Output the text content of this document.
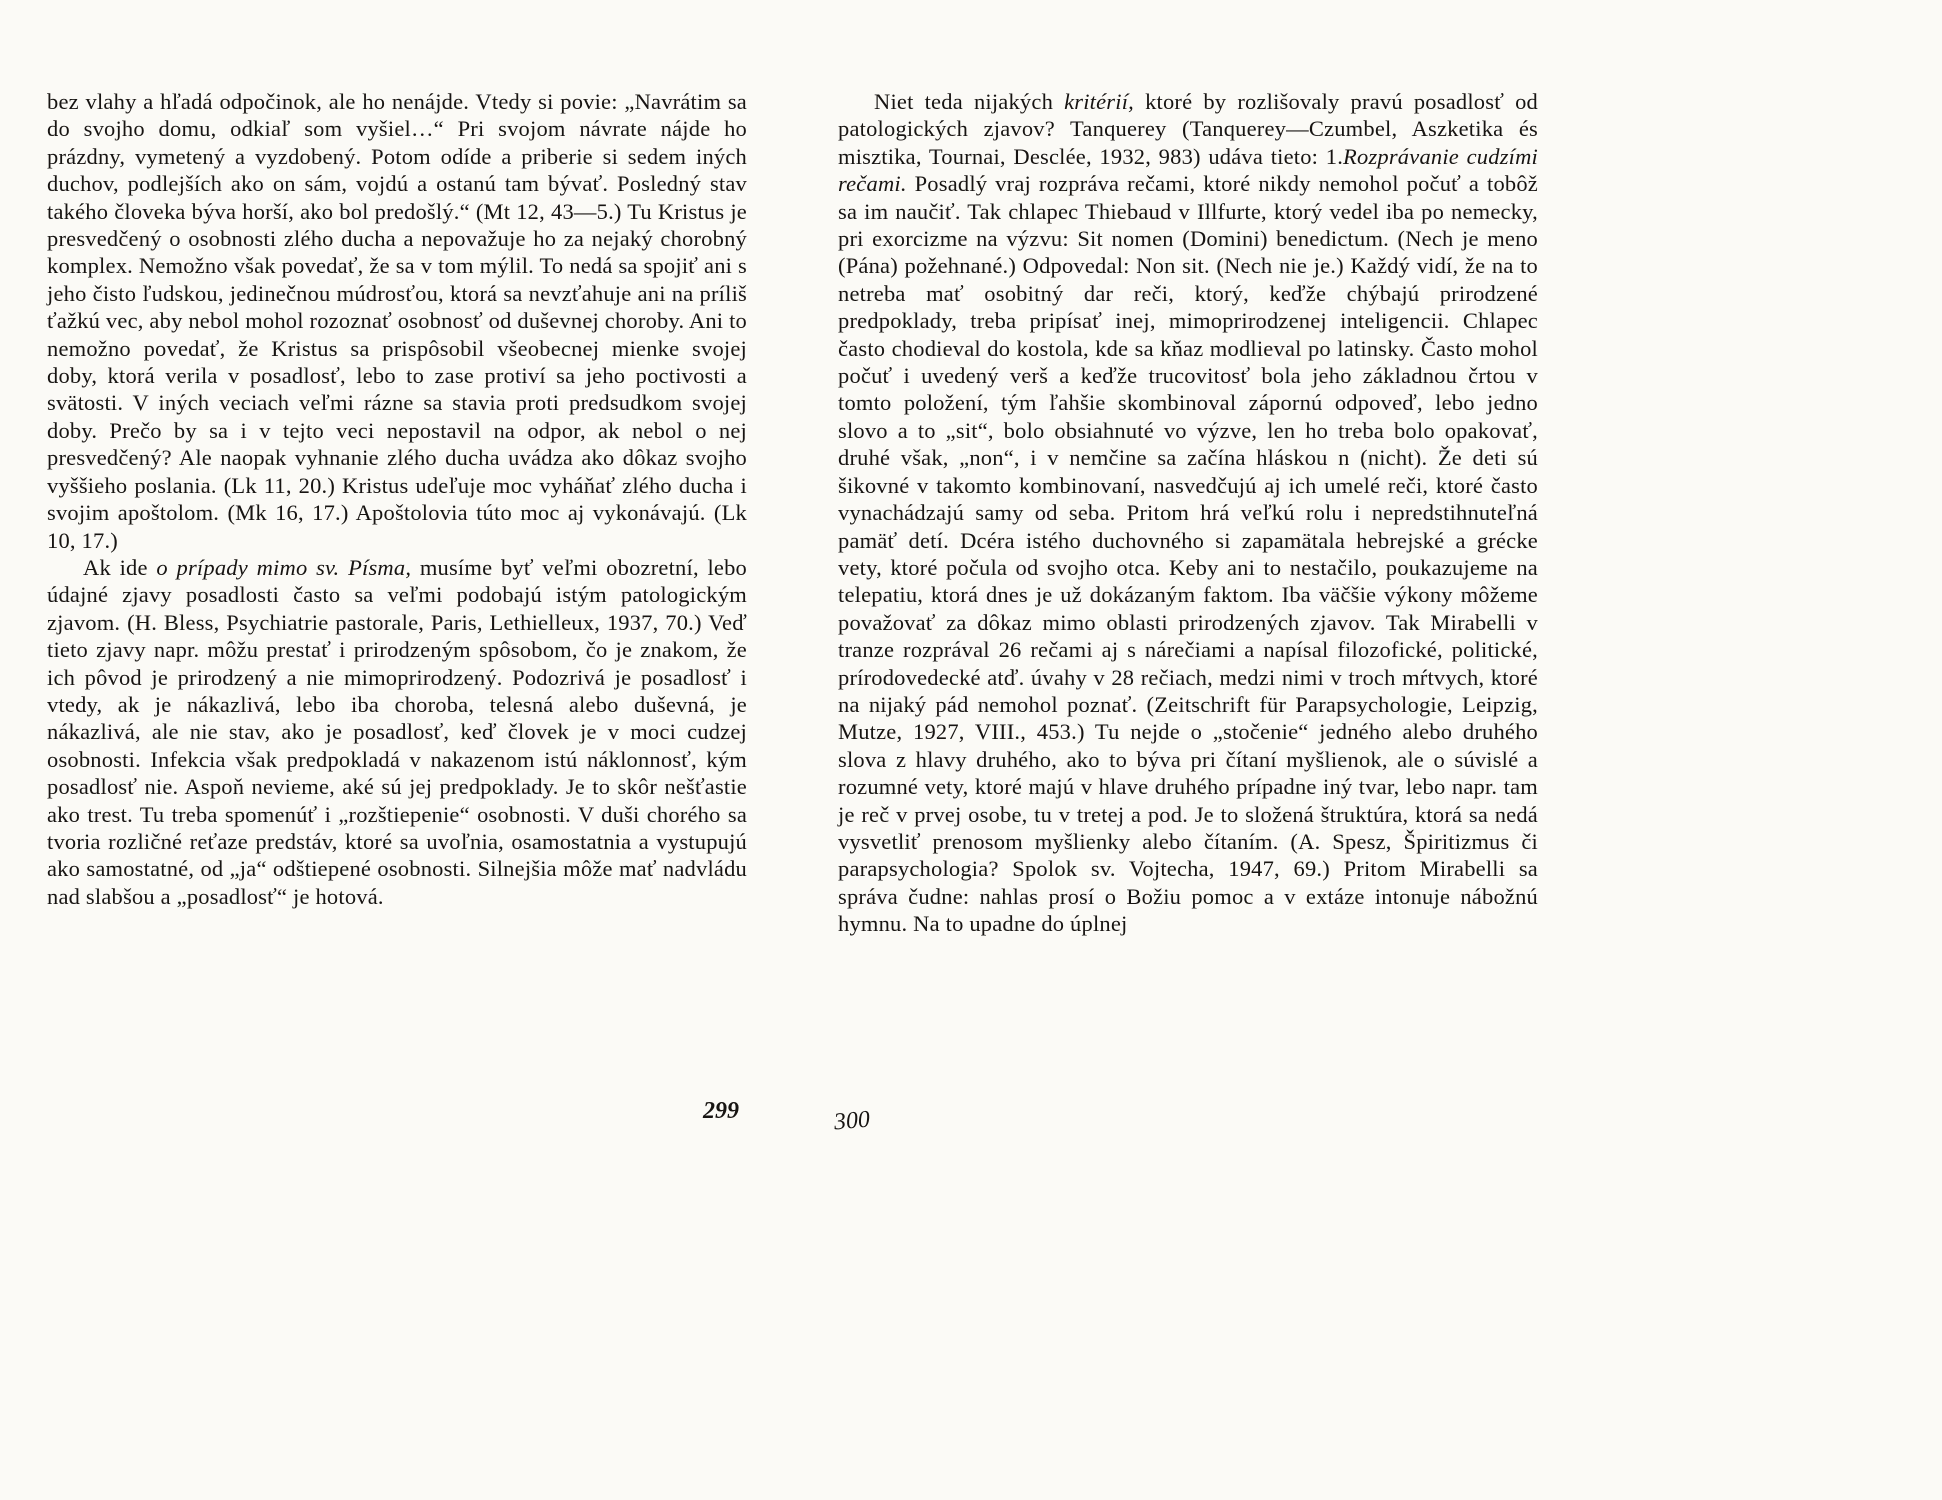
bez vlahy a hľadá odpočinok, ale ho nenájde. Vtedy si povie: „Navrátim sa do svojho domu, odkiaľ som vyšiel…“ Pri svojom návrate nájde ho prázdny, vymetený a vyzdobený. Potom odíde a priberie si sedem iných duchov, podlejších ako on sám, vojdú a ostanú tam bývať. Posledný stav takého človeka býva horší, ako bol predošlý.“ (Mt 12, 43—5.) Tu Kristus je presvedčený o osobnosti zlého ducha a nepovažuje ho za nejaký chorobný komplex. Nemožno však povedať, že sa v tom mýlil. To nedá sa spojiť ani s jeho čisto ľudskou, jedinečnou múdrosťou, ktorá sa nevzťahuje ani na príliš ťažkú vec, aby nebol mohol rozoznať osobnosť od duševnej choroby. Ani to nemožno povedať, že Kristus sa prispôsobil všeobecnej mienke svojej doby, ktorá verila v posadlosť, lebo to zase protiví sa jeho poctivosti a svätosti. V iných veciach veľmi rázne sa stavia proti predsudkom svojej doby. Prečo by sa i v tejto veci nepostavil na odpor, ak nebol o nej presvedčený? Ale naopak vyhnanie zlého ducha uvádza ako dôkaz svojho vyššieho poslania. (Lk 11, 20.) Kristus udeľuje moc vyháňať zlého ducha i svojim apoštolom. (Mk 16, 17.) Apoštolovia túto moc aj vykonávajú. (Lk 10, 17.)

Ak ide o prípady mimo sv. Písma, musíme byť veľmi obozretní, lebo údajné zjavy posadlosti často sa veľmi podobajú istým patologickým zjavom. (H. Bless, Psychiatrie pastorale, Paris, Lethielleux, 1937, 70.) Veď tieto zjavy napr. môžu prestať i prirodzeným spôsobom, čo je znakom, že ich pôvod je prirodzený a nie mimoprirodzený. Podozrivá je posadlosť i vtedy, ak je nákazlivá, lebo iba choroba, telesná alebo duševná, je nákazlivá, ale nie stav, ako je posadlosť, keď človek je v moci cudzej osobnosti. Infekcia však predpokladá v nakazenom istú náklonnosť, kým posadlosť nie. Aspoň nevieme, aké sú jej predpoklady. Je to skôr nešťastie ako trest. Tu treba spomenúť i „rozštiepenie“ osobnosti. V duši chorého sa tvoria rozličné reťaze predstáv, ktoré sa uvoľnia, osamostatnia a vystupujú ako samostatné, od „ja“ odštiepené osobnosti. Silnejšia môže mať nadvládu nad slabšou a „posadlosť“ je hotová.

Niet teda nijakých kritérií, ktoré by rozlišovaly pravú posadlosť od patologických zjavov? Tanquerey (Tanquerey—Czumbel, Aszketika és misztika, Tournai, Desclée, 1932, 983) udáva tieto: 1.Rozprávanie cudzími rečami. Posadlý vraj rozpráva rečami, ktoré nikdy nemohol počuť a tobôž sa im naučiť. Tak chlapec Thiebaud v Illfurte, ktorý vedel iba po nemecky, pri exorcizme na výzvu: Sit nomen (Domini) benedictum. (Nech je meno (Pána) požehnané.) Odpovedal: Non sit. (Nech nie je.) Každý vidí, že na to netreba mať osobitný dar reči, ktorý, keďže chýbajú prirodzené predpoklady, treba pripísať inej, mimoprirodzenej inteligencii. Chlapec často chodieval do kostola, kde sa kňaz modlieval po latinsky. Často mohol počuť i uvedený verš a keďže trucovitosť bola jeho základnou črtou v tomto položení, tým ľahšie skombinoval zápornú odpoveď, lebo jedno slovo a to „sit“, bolo obsiahnuté vo výzve, len ho treba bolo opakovať, druhé však, „non“, i v nemčine sa začína hláskou n (nicht). Že deti sú šikovné v takomto kombinovaní, nasvedčujú aj ich umelé reči, ktoré často vynachádzajú samy od seba. Pritom hrá veľkú rolu i nepredstihnuteľná pamäť detí. Dcéra istého duchovného si zapamätala hebrejské a grécke vety, ktoré počula od svojho otca. Keby ani to nestačilo, poukazujeme na telepatiu, ktorá dnes je už dokázaným faktom. Iba väčšie výkony môžeme považovať za dôkaz mimo oblasti prirodzených zjavov. Tak Mirabelli v tranze rozprával 26 rečami aj s nárečiami a napísal filozofické, politické, prírodovedecké atď. úvahy v 28 rečiach, medzi nimi v troch mŕtvych, ktoré na nijaký pád nemohol poznať. (Zeitschrift für Parapsychologie, Leipzig, Mutze, 1927, VIII., 453.) Tu nejde o „stočenie“ jedného alebo druhého slova z hlavy druhého, ako to býva pri čítaní myšlienok, ale o súvislé a rozumné vety, ktoré majú v hlave druhého prípadne iný tvar, lebo napr. tam je reč v prvej osobe, tu v tretej a pod. Je to složená štruktúra, ktorá sa nedá vysvetliť prenosom myšlienky alebo čítaním. (A. Spesz, Špiritizmus či parapsychologia? Spolok sv. Vojtecha, 1947, 69.) Pritom Mirabelli sa správa čudne: nahlas prosí o Božiu pomoc a v extáze intonuje nábožnú hymnu. Na to upadne do úplnej

299	300
